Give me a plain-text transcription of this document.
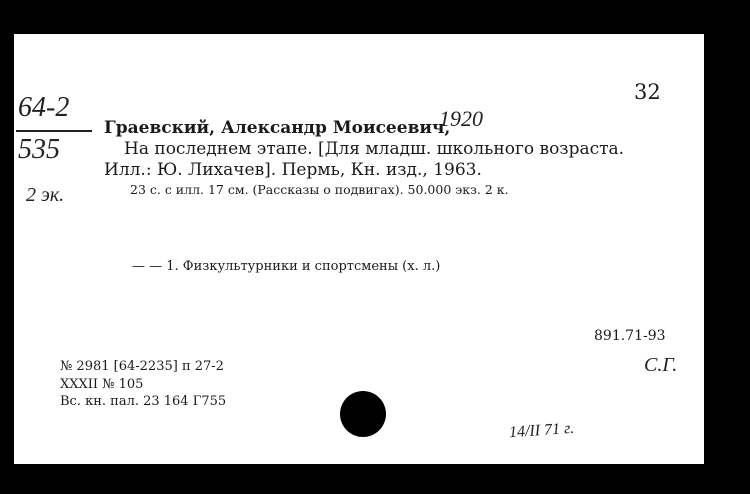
32
64-2
535
2 эк.
Граевский, Александр Моисеевич,
1920
На последнем этапе. [Для младш. школьного возраста.
Илл.: Ю. Лихачев]. Пермь, Кн. изд., 1963.
23 с. с илл. 17 см. (Рассказы о подвигах). 50.000 экз. 2 к.
— — 1. Физкультурники и спортсмены (х. л.)
891.71-93
№ 2981 [64-2235] п 27-2
XXXII № 105
Вс. кн. пал. 23 164 Г755
С.Г.
14/II 71 г.
